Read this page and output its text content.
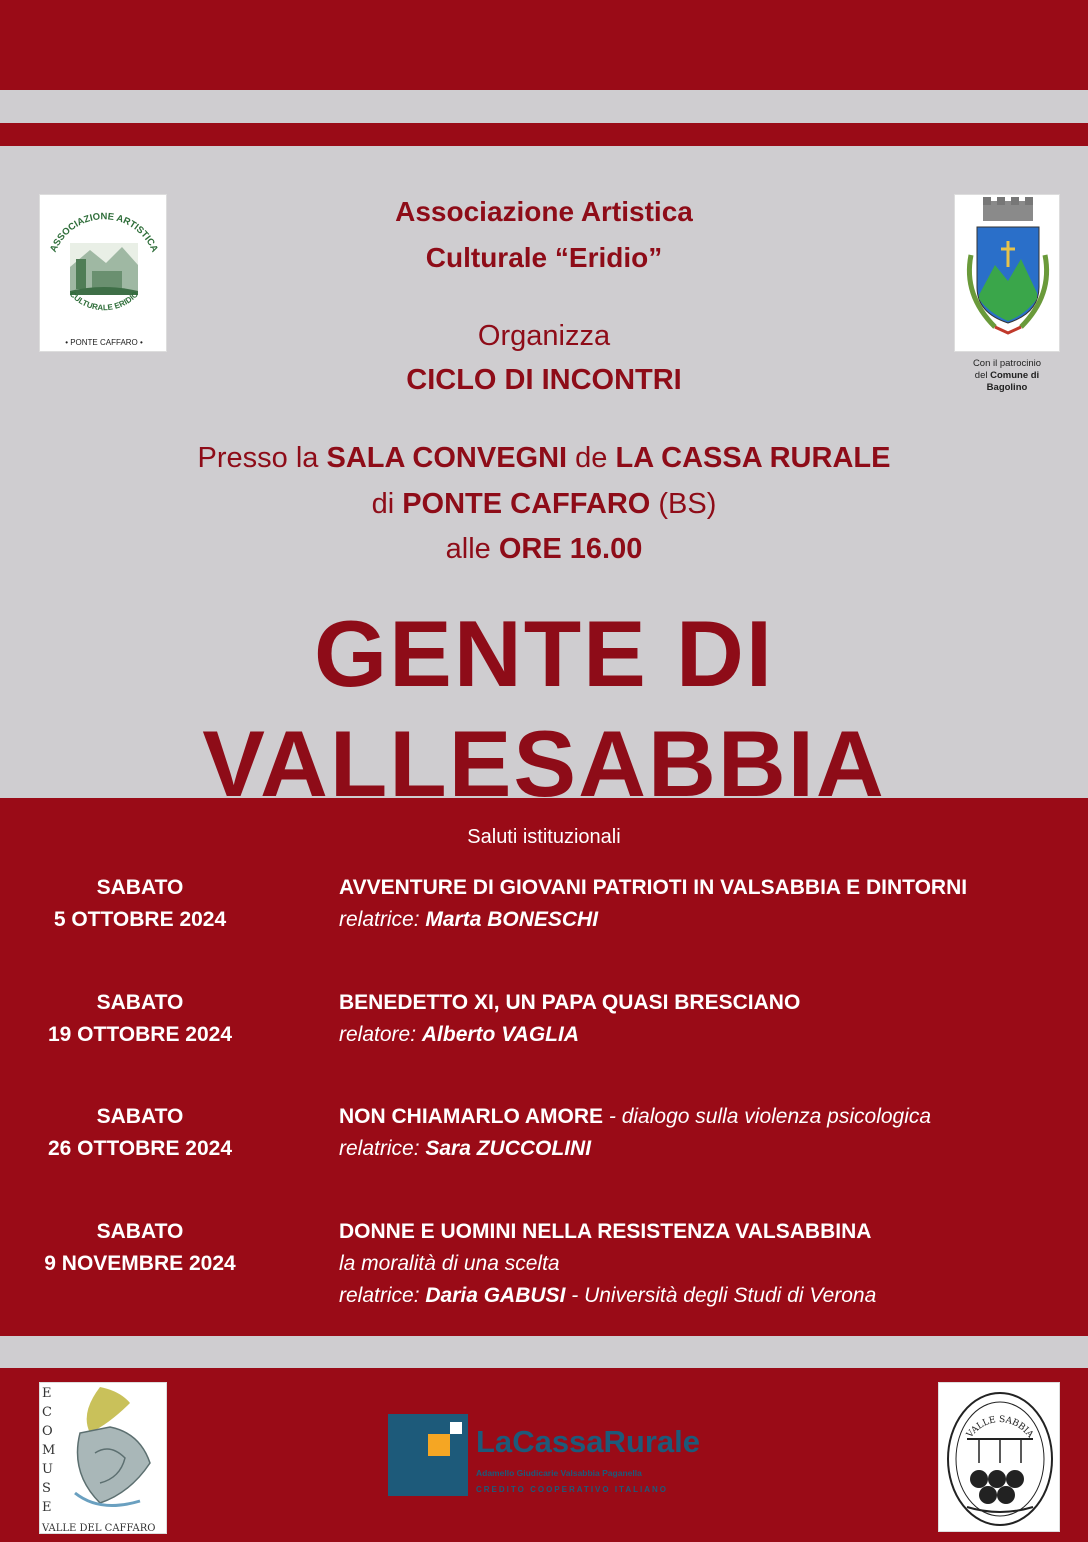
ASSOCIAZIONE ARTISTICA
CULTURALE ERIDIO
• PONTE CAFFARO •
Con il patrocinio
del Comune di
Bagolino
Associazione Artistica
Culturale “Eridio”
Organizza
CICLO DI INCONTRI
Presso la SALA CONVEGNI de LA CASSA RURALE
di PONTE CAFFARO (BS)
alle ORE 16.00
GENTE DI
VALLESABBIA
Saluti istituzionali
SABATO
5 OTTOBRE 2024
AVVENTURE DI GIOVANI PATRIOTI IN VALSABBIA E DINTORNI
relatrice: Marta BONESCHI
SABATO
19 OTTOBRE 2024
BENEDETTO XI, UN PAPA QUASI BRESCIANO
relatore: Alberto VAGLIA
SABATO
26 OTTOBRE 2024
NON CHIAMARLO AMORE - dialogo sulla violenza psicologica
relatrice: Sara ZUCCOLINI
SABATO
9 NOVEMBRE 2024
DONNE E UOMINI NELLA RESISTENZA VALSABBINA
la moralità di una scelta
relatrice: Daria GABUSI - Università degli Studi di Verona
E C O M U S E
VALLE DEL CAFFARO
LaCassaRurale
Adamello Giudicarie Valsabbia Paganella
CREDITO COOPERATIVO ITALIANO
VALLE SABBIA
